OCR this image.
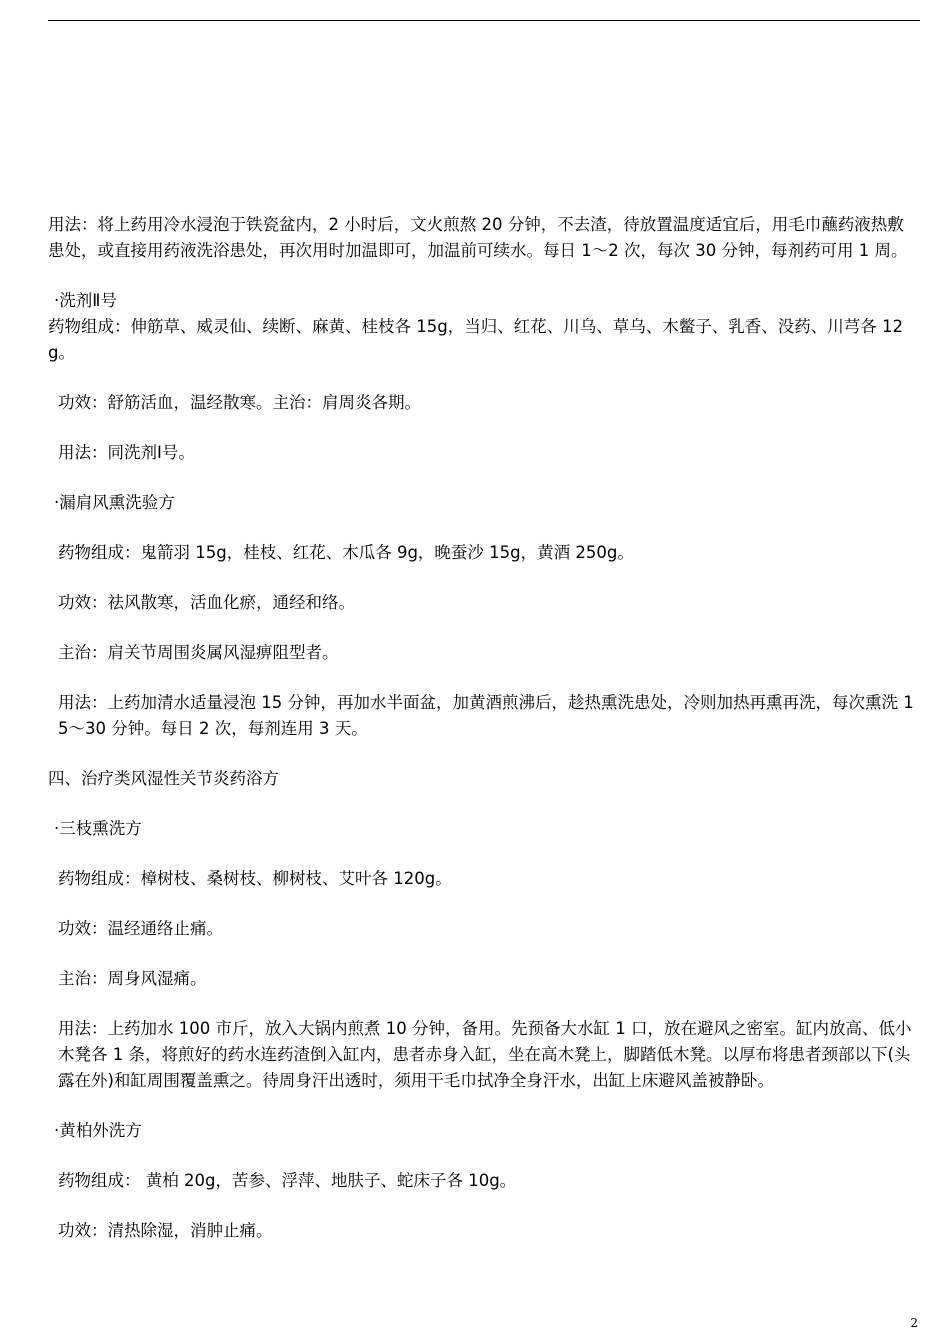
用法：将上药用冷水浸泡于铁瓷盆内，2 小时后，文火煎熬 20 分钟，不去渣，待放置温度适宜后，用毛巾蘸药液热敷患处，或直接用药液洗浴患处，再次用时加温即可，加温前可续水。每日 1～2 次，每次 30 分钟，每剂药可用 1 周。

·洗剂Ⅱ号

药物组成：伸筋草、威灵仙、续断、麻黄、桂枝各 15g，当归、红花、川乌、草乌、木鳖子、乳香、没药、川芎各 12g。

功效：舒筋活血，温经散寒。主治：肩周炎各期。

用法：同洗剂Ⅰ号。

·漏肩风熏洗验方

药物组成：鬼箭羽 15g，桂枝、红花、木瓜各 9g，晚蚕沙 15g，黄酒 250g。

功效：祛风散寒，活血化瘀，通经和络。

主治：肩关节周围炎属风湿痹阻型者。

用法：上药加清水适量浸泡 15 分钟，再加水半面盆，加黄酒煎沸后，趁热熏洗患处，冷则加热再熏再洗，每次熏洗 15～30 分钟。每日 2 次，每剂连用 3 天。

四、治疗类风湿性关节炎药浴方

·三枝熏洗方

药物组成：樟树枝、桑树枝、柳树枝、艾叶各 120g。

功效：温经通络止痛。

主治：周身风湿痛。

用法：上药加水 100 市斤，放入大锅内煎煮 10 分钟，备用。先预备大水缸 1 口，放在避风之密室。缸内放高、低小木凳各 1 条，将煎好的药水连药渣倒入缸内，患者赤身入缸，坐在高木凳上，脚踏低木凳。以厚布将患者颈部以下(头露在外)和缸周围覆盖熏之。待周身汗出透时，须用干毛巾拭净全身汗水，出缸上床避风盖被静卧。

·黄柏外洗方

药物组成： 黄柏 20g，苦参、浮萍、地肤子、蛇床子各 10g。

功效：清热除湿，消肿止痛。

2
